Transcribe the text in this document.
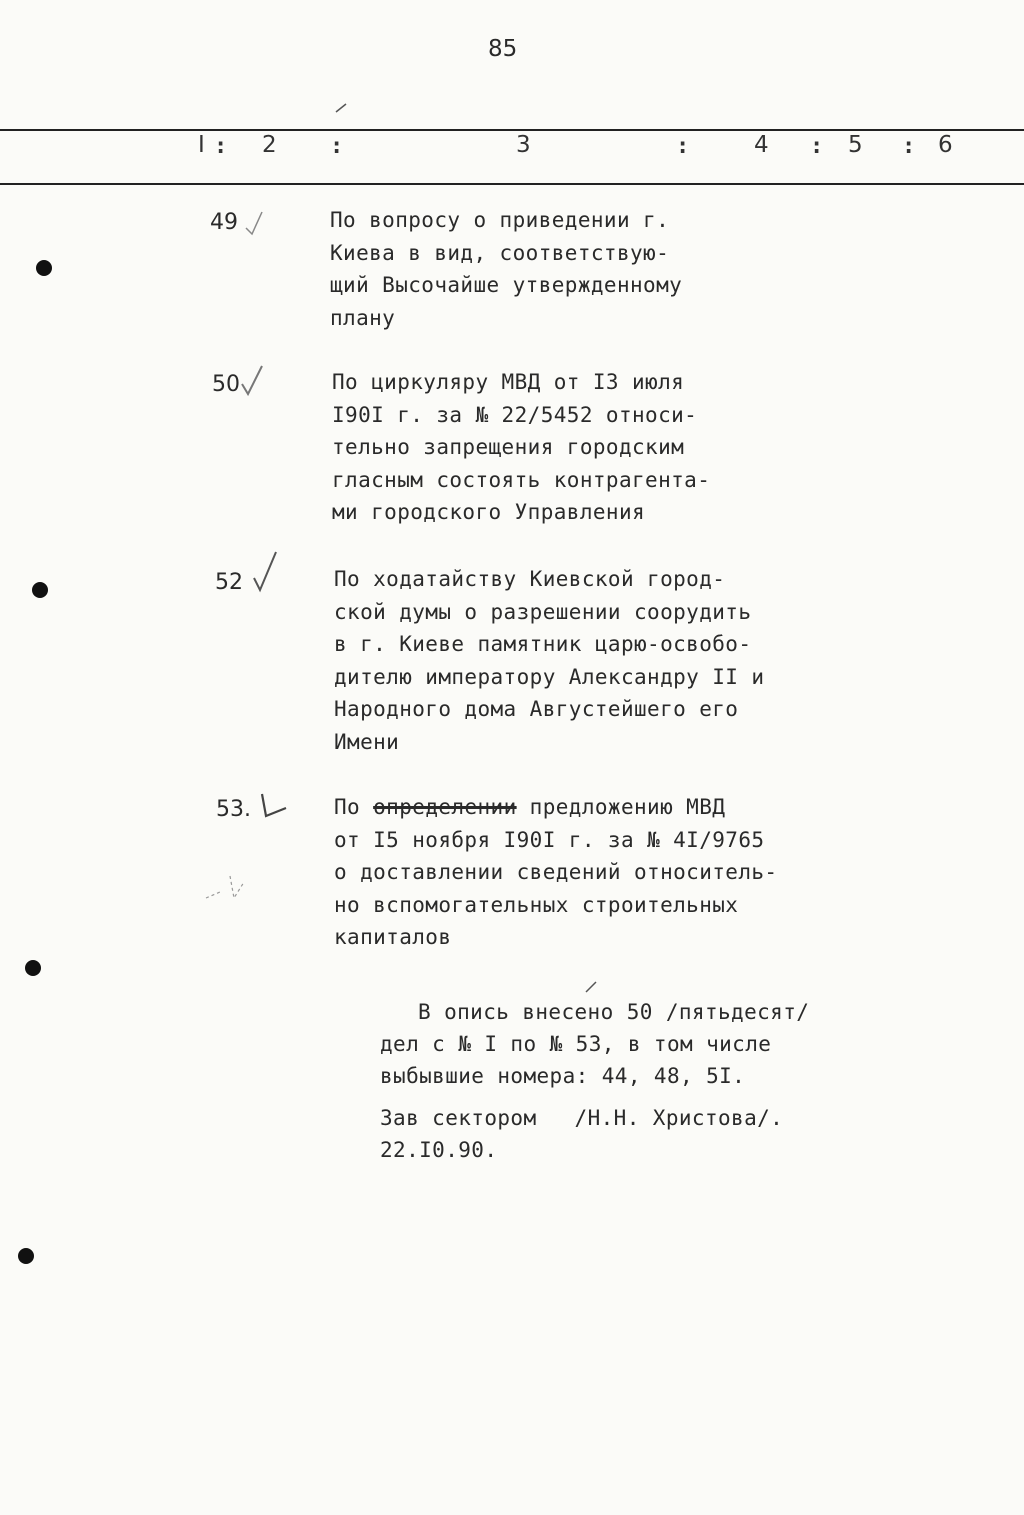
85
I : 2 :	3	:	4 : 5 : 6
49	По вопросу о приведении г.
Киева в вид, соответствую-
щий Высочайше утвержденному
плану
50	По циркуляру МВД от I3 июля
I90I г. за № 22/5452 относи-
тельно запрещения городским
гласным состоять контрагента-
ми городского Управления
52	По ходатайству Киевской город-
ской думы о разрешении соорудить
в г. Киеве памятник царю-освобо-
дителю императору Александру II и
Народного дома Августейшего его
Имени
53.	По определении предложению МВД
от I5 ноября I90I г. за № 4I/9765
о доставлении сведений относитель-
но вспомогательных строительных
капиталов
В опись внесено 50 /пятьдесят/
дел с № I по № 53, в том числе
выбывшие номера: 44, 48, 5I.
Зав сектором /Н.Н. Христова/.
22.I0.90.
